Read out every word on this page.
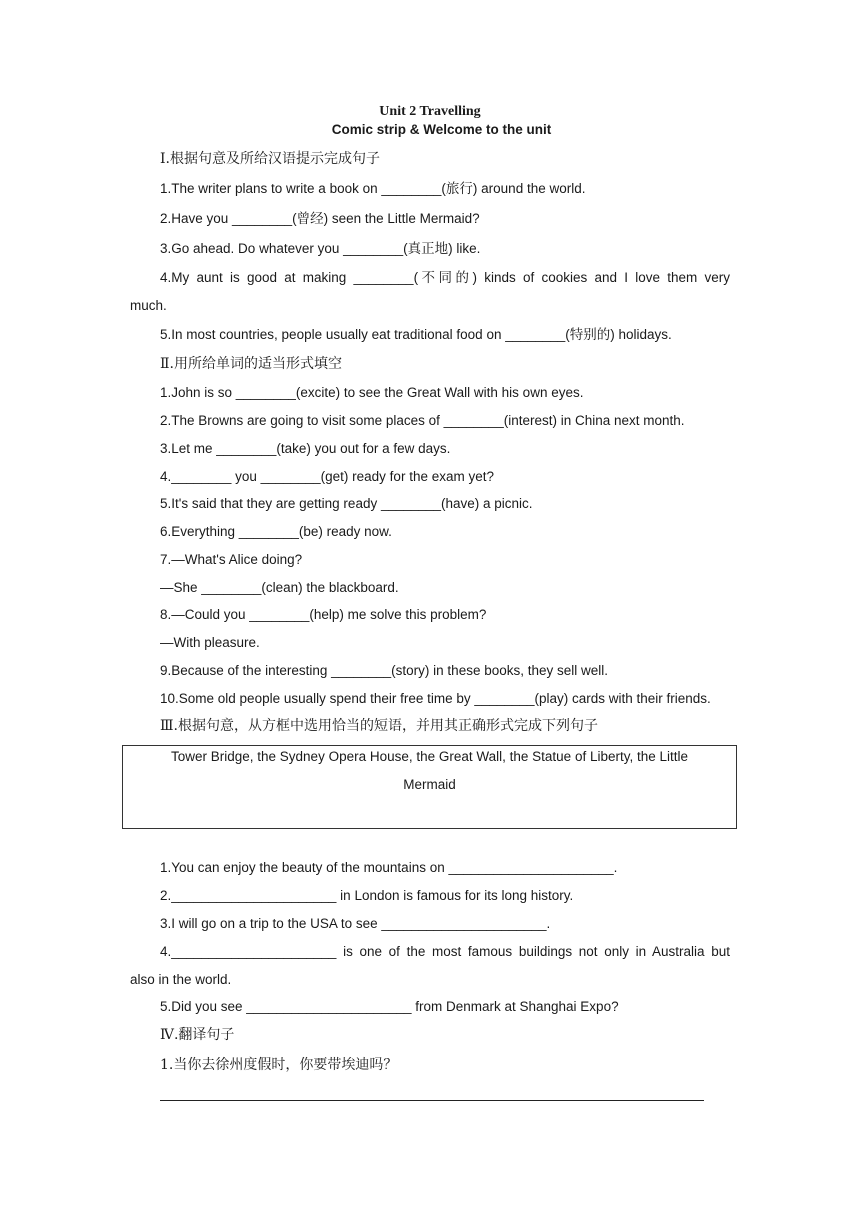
Unit 2 Travelling
Comic strip & Welcome to the unit
Ⅰ.根据句意及所给汉语提示完成句子
1.The writer plans to write a book on ________(旅行) around the world.
2.Have you ________(曾经) seen the Little Mermaid?
3.Go ahead. Do whatever you ________(真正地) like.
4.My aunt is good at making ________(不同的) kinds of cookies and I love them very
much.
5.In most countries, people usually eat traditional food on ________(特别的) holidays.
Ⅱ.用所给单词的适当形式填空
1.John is so ________(excite) to see the Great Wall with his own eyes.
2.The Browns are going to visit some places of ________(interest) in China next month.
3.Let me ________(take) you out for a few days.
4.________ you ________(get) ready for the exam yet?
5.It's said that they are getting ready ________(have) a picnic.
6.Everything ________(be) ready now.
7.—What's Alice doing?
—She ________(clean) the blackboard.
8.—Could you ________(help) me solve this problem?
—With pleasure.
9.Because of the interesting ________(story) in these books, they sell well.
10.Some old people usually spend their free time by ________(play) cards with their friends.
Ⅲ.根据句意，从方框中选用恰当的短语，并用其正确形式完成下列句子
Tower Bridge, the Sydney Opera House, the Great Wall, the Statue of Liberty, the Little
Mermaid
1.You can enjoy the beauty of the mountains on ______________________.
2.______________________ in London is famous for its long history.
3.I will go on a trip to the USA to see ______________________.
4.______________________ is one of the most famous buildings not only in Australia but
also in the world.
5.Did you see ______________________ from Denmark at Shanghai Expo?
Ⅳ.翻译句子
1.当你去徐州度假时，你要带埃迪吗？
